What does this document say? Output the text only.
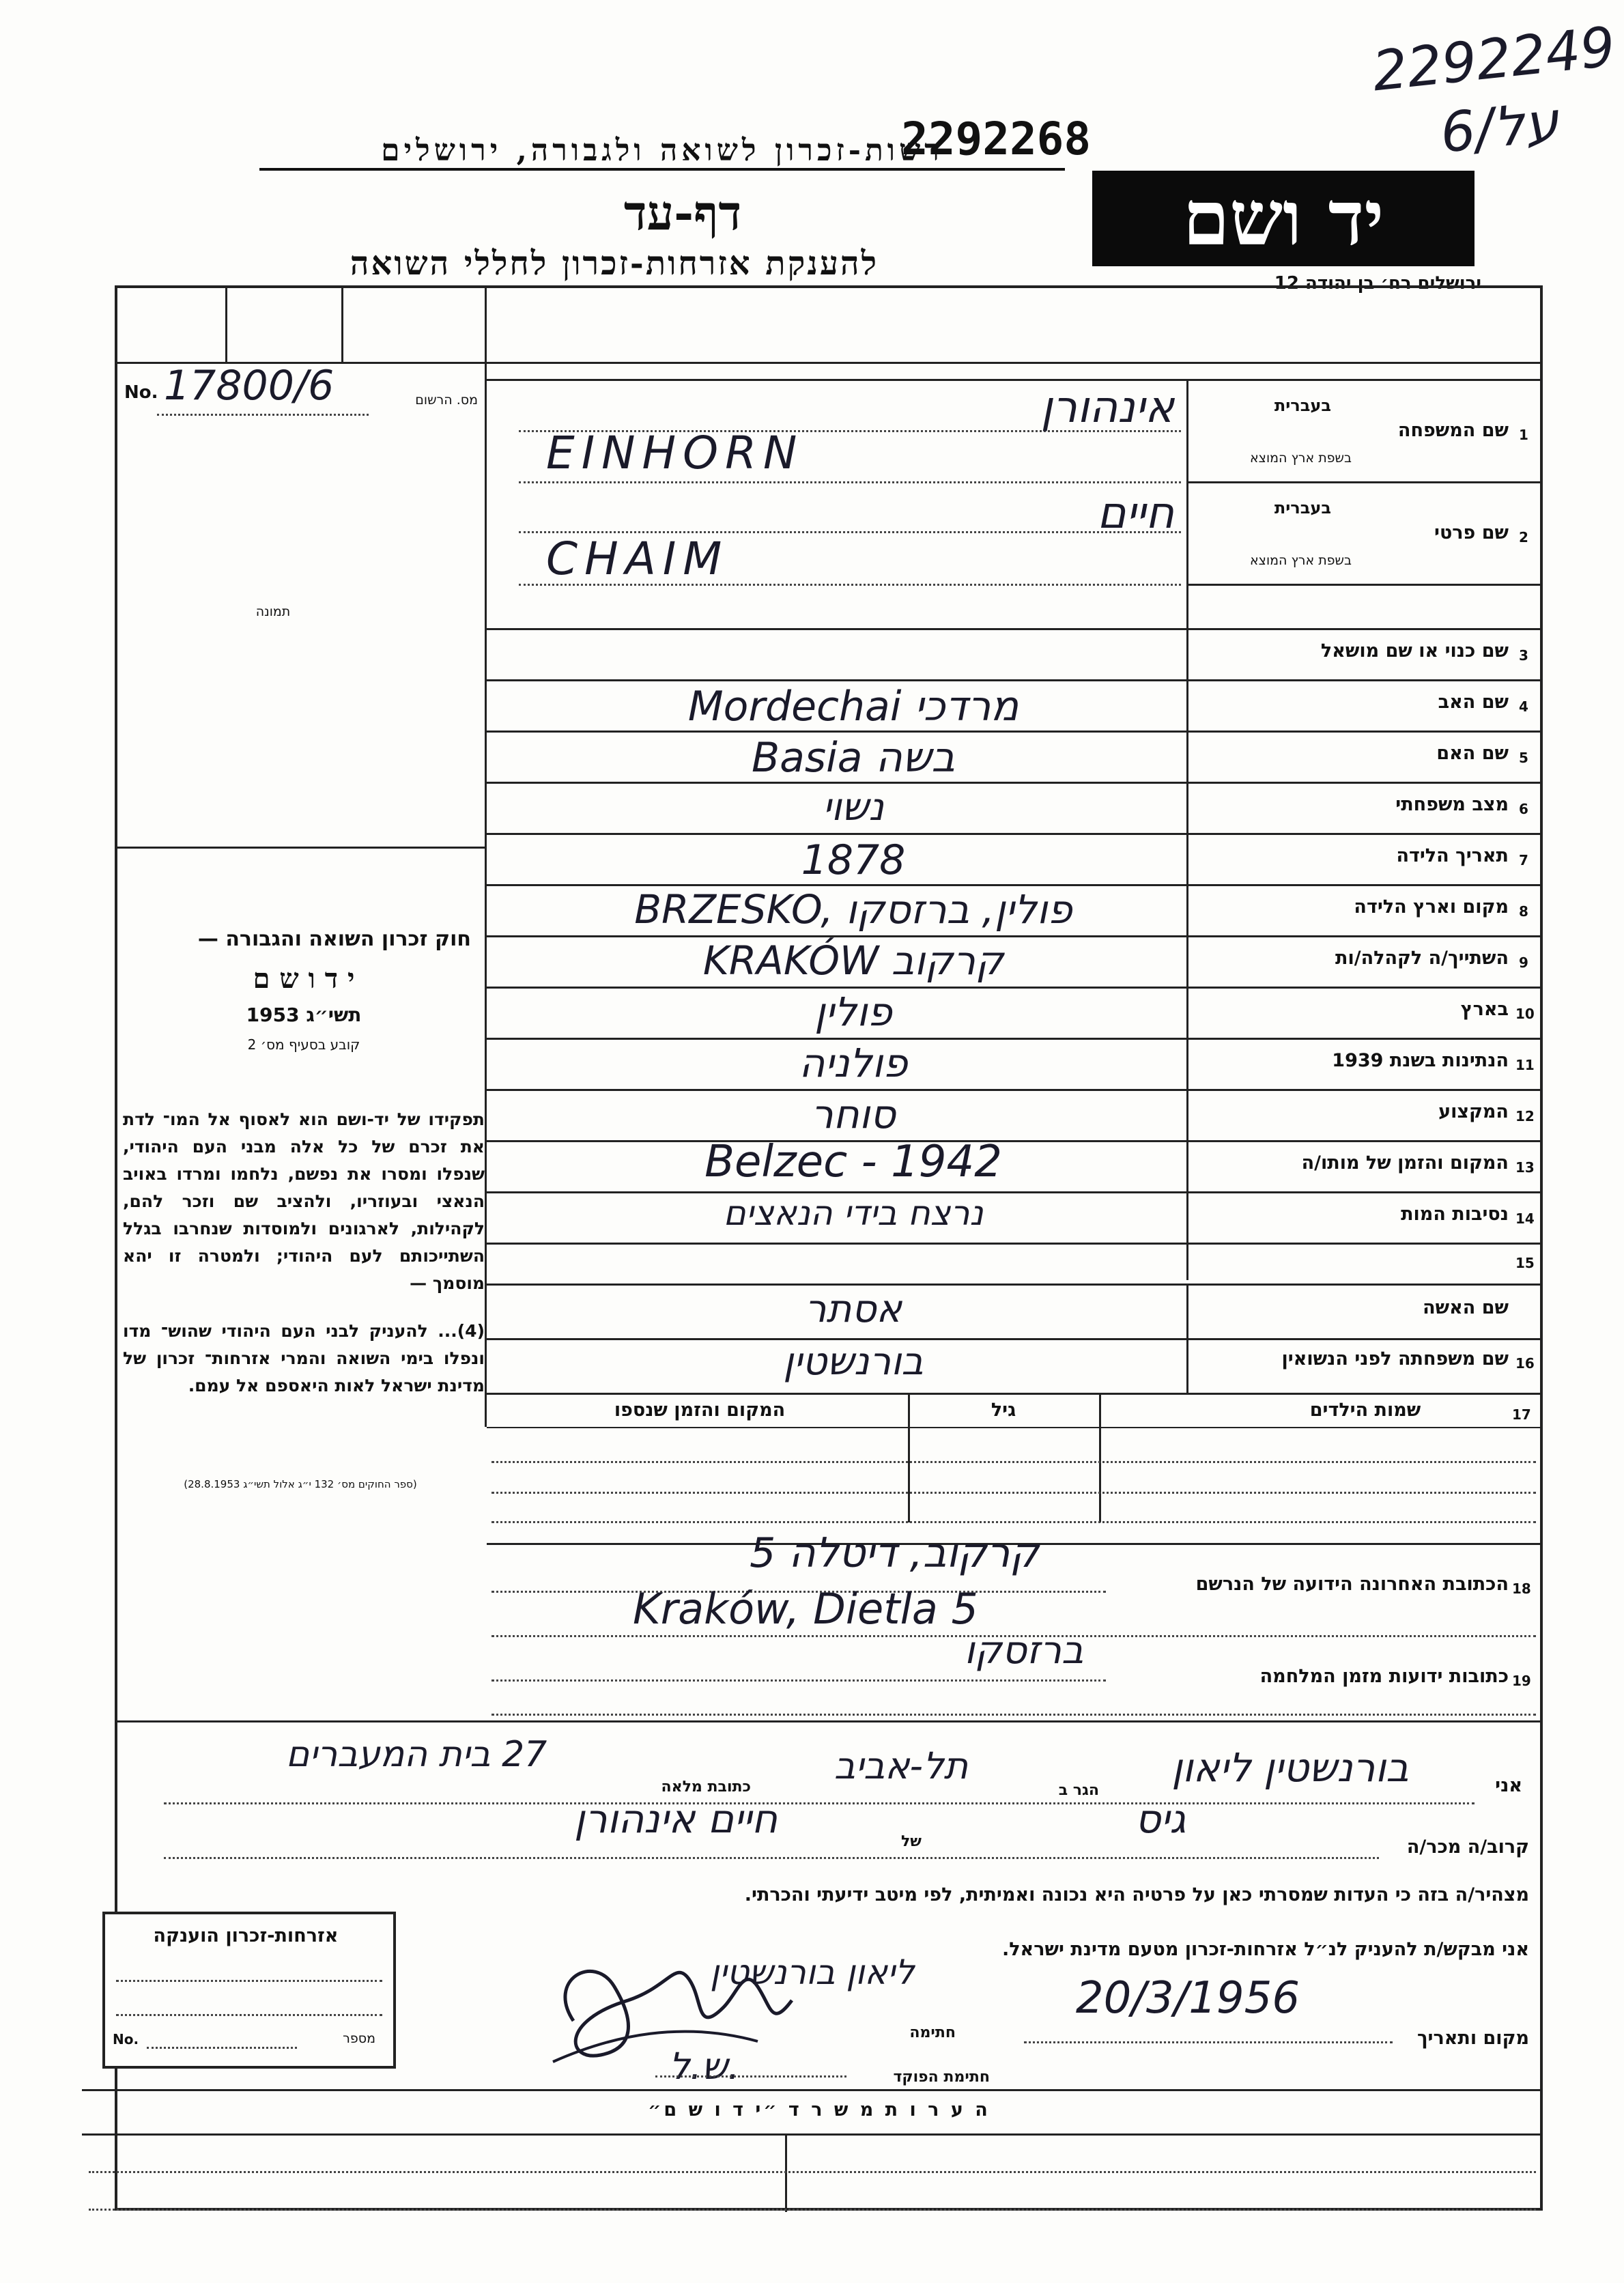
2292249
על/6
רשות-זכרון לשואה ולגבורה, ירושלים
2292268
דף-עד
להענקת אזרחות-זכרון לחללי השואה
יד ושם
ירושלים רח׳ בן יהודה 12
No. 17800/6	מס. הרשום
תמונה
חוק זכרון השואה והגבורה —
י ד ו ש ם
תשי״ג 1953
קובע בסעיף מס׳ 2
תפקידו של יד-ושם הוא לאסוף אל המו־ לדת את זכרם של כל אלה מבני העם היהודי, שנפלו ומסרו את נפשם, נלחמו ומרדו באויב הנאצי ובעוזריו, ולהציב שם וזכר להם, לקהילות, לארגונים ולמוסדות שנחרבו בגלל השתייכותם לעם היהודי; ולמטרה זו יהא מוסמך —
(4)... להעניק לבני העם היהודי שהוש־ מדו ונפלו בימי השואה והמרי אזרחות־ זכרון של מדינת ישראל לאות היאספם אל עמם.
(ספר החוקים מס׳ 132 י״ג אלול תשי״ג 28.8.1953)
1
שם המשפחה
בעברית
בשפת ארץ המוצא
אינהורן
EINHORN
2
שם פרטי
בעברית
בשפת ארץ המוצא
חיים
CHAIM
3
שם כנוי או שם מושאל
4
שם האב
Mordechai מרדכי
5
שם האם
Basia בשה
6
מצב משפחתי
נשוי
7
תאריך הלידה
1878
8
מקום וארץ הלידה
BRZESKO, פולין, ברזסקו
9
השתייך/ה לקהלה/ות
KRAKÓW קרקוב
10
בארץ
פולין
11
הנתינות בשנת 1939
פולניה
12
המקצוע
סוחר
13
המקום והזמן של מותו/ה
Belzec - 1942
14
נסיבות המות
נרצח בידי הנאצים
15
שם האשה
אסתר
16
שם משפחתה לפני הנשואין
בורנשטין
17
שמות הילדים
גיל
המקום והזמן שנספו
18
הכתובת האחרונה הידועה של הנרשם
קרקוב, דיטלה 5
Kraków, Dietla 5
19
כתובות ידועות מזמן המלחמה
ברזסקו
אני
בורנשטין ליאון
הגר ב
תל-אביב
כתובת מלאה
27 בית המעברים
קרוב/ה מכר/ה
גיס
של
חיים אינהורן
מצהיר/ה בזה כי העדות שמסרתי כאן על פרטיה היא נכונה ואמיתית, לפי מיטב ידיעתי והכרתי.
אני מבקש/ת להעניק לנ״ל אזרחות-זכרון מטעם מדינת ישראל.
מקום ותאריך
20/3/1956
חתימה
ליאון בורנשטין
חתימת הפוקד
ש.ל.
אזרחות-זכרון הוענקה
No.	מספר
ה ע ר ו ת מ ש ר ד ״י ד ו ש ם״
